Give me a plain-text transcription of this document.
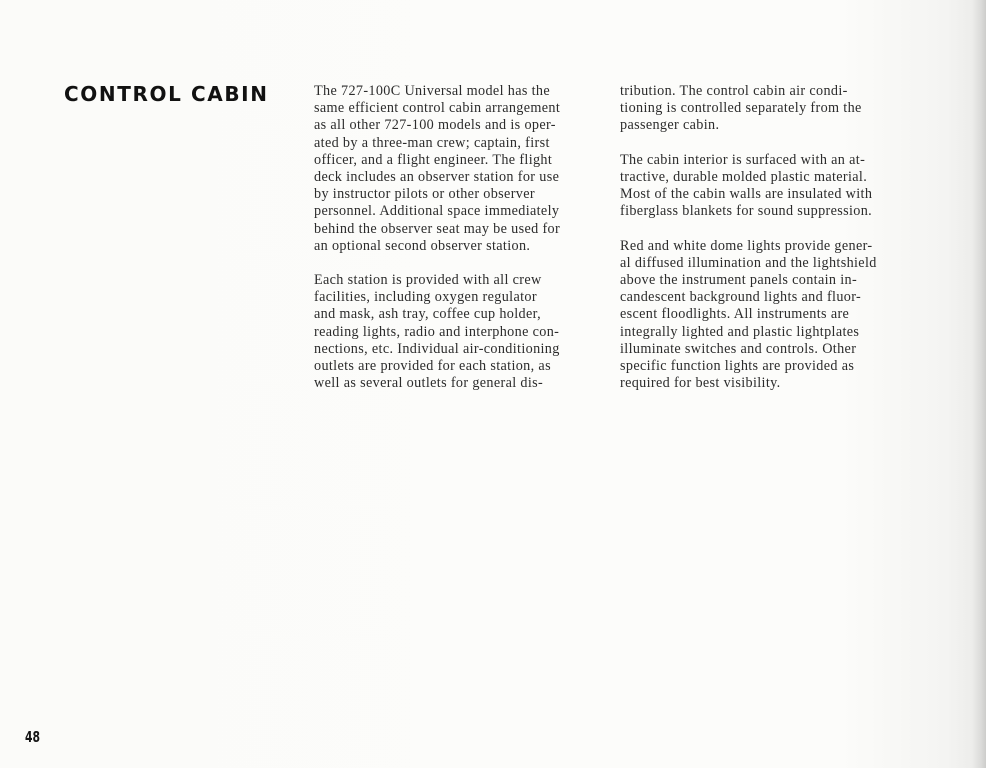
CONTROL CABIN	The 727-100C Universal model has the
same efficient control cabin arrangement
as all other 727-100 models and is oper-
ated by a three-man crew; captain, first
officer, and a flight engineer. The flight
deck includes an observer station for use
by instructor pilots or other observer
personnel. Additional space immediately
behind the observer seat may be used for
an optional second observer station.
Each station is provided with all crew
facilities, including oxygen regulator
and mask, ash tray, coffee cup holder,
reading lights, radio and interphone con-
nections, etc. Individual air-conditioning
outlets are provided for each station, as
well as several outlets for general dis-
tribution. The control cabin air condi-
tioning is controlled separately from the
passenger cabin.
The cabin interior is surfaced with an at-
tractive, durable molded plastic material.
Most of the cabin walls are insulated with
fiberglass blankets for sound suppression.
Red and white dome lights provide gener-
al diffused illumination and the lightshield
above the instrument panels contain in-
candescent background lights and fluor-
escent floodlights. All instruments are
integrally lighted and plastic lightplates
illuminate switches and controls. Other
specific function lights are provided as
required for best visibility.

48
